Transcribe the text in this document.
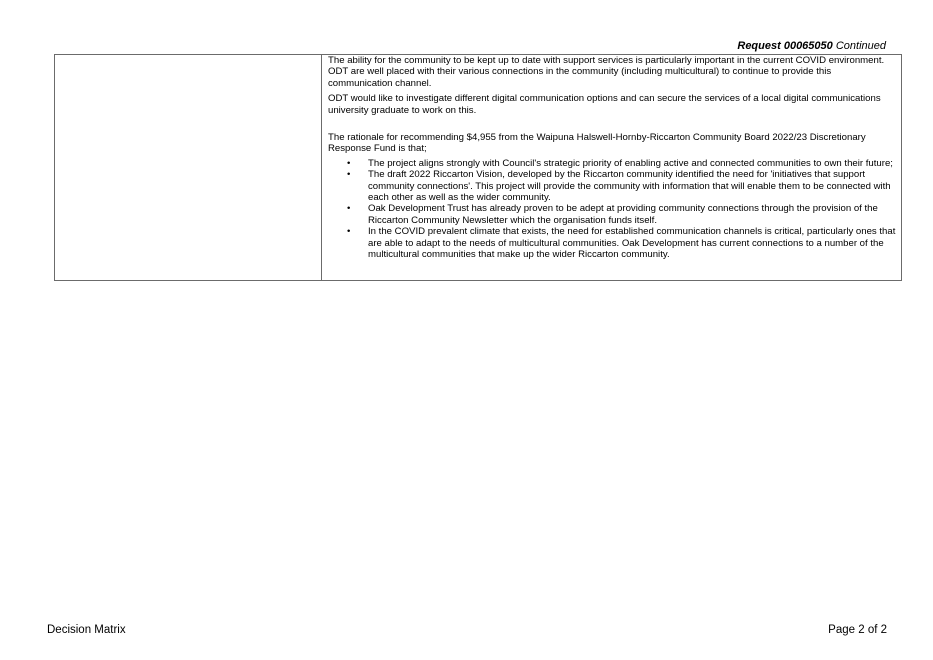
Request 00065050 Continued

The ability for the community to be kept up to date with support services is particularly important in the current COVID environment. ODT are well placed with their various connections in the community (including multicultural) to continue to provide this communication channel.

ODT would like to investigate different digital communication options and can secure the services of a local digital communications university graduate to work on this.

The rationale for recommending $4,955 from the Waipuna Halswell-Hornby-Riccarton Community Board 2022/23 Discretionary Response Fund is that;

• The project aligns strongly with Council's strategic priority of enabling active and connected communities to own their future;
• The draft 2022 Riccarton Vision, developed by the Riccarton community identified the need for 'initiatives that support community connections'. This project will provide the community with information that will enable them to be connected with each other as well as the wider community.
• Oak Development Trust has already proven to be adept at providing community connections through the provision of the Riccarton Community Newsletter which the organisation funds itself.
• In the COVID prevalent climate that exists, the need for established communication channels is critical, particularly ones that are able to adapt to the needs of multicultural communities. Oak Development has current connections to a number of the multicultural communities that make up the wider Riccarton community.
Decision Matrix	Page 2 of 2
